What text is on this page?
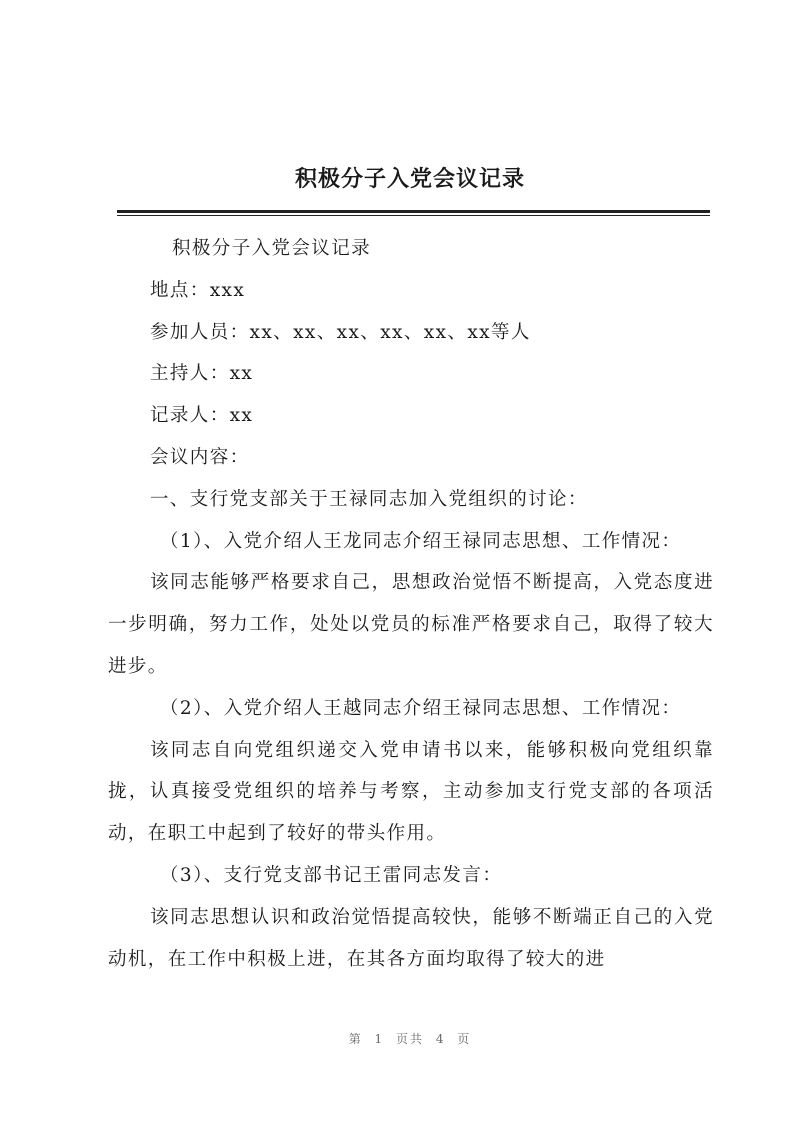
积极分子入党会议记录

积极分子入党会议记录

地点：xxx

参加人员：xx、xx、xx、xx、xx、xx等人

主持人：xx

记录人：xx

会议内容：

一、支行党支部关于王禄同志加入党组织的讨论：

（1）、入党介绍人王龙同志介绍王禄同志思想、工作情况：

该同志能够严格要求自己，思想政治觉悟不断提高，入党态度进一步明确，努力工作，处处以党员的标准严格要求自己，取得了较大进步。

（2）、入党介绍人王越同志介绍王禄同志思想、工作情况：

该同志自向党组织递交入党申请书以来，能够积极向党组织靠拢，认真接受党组织的培养与考察，主动参加支行党支部的各项活动，在职工中起到了较好的带头作用。

（3）、支行党支部书记王雷同志发言：

该同志思想认识和政治觉悟提高较快，能够不断端正自己的入党动机，在工作中积极上进，在其各方面均取得了较大的进

第 1 页共 4 页
